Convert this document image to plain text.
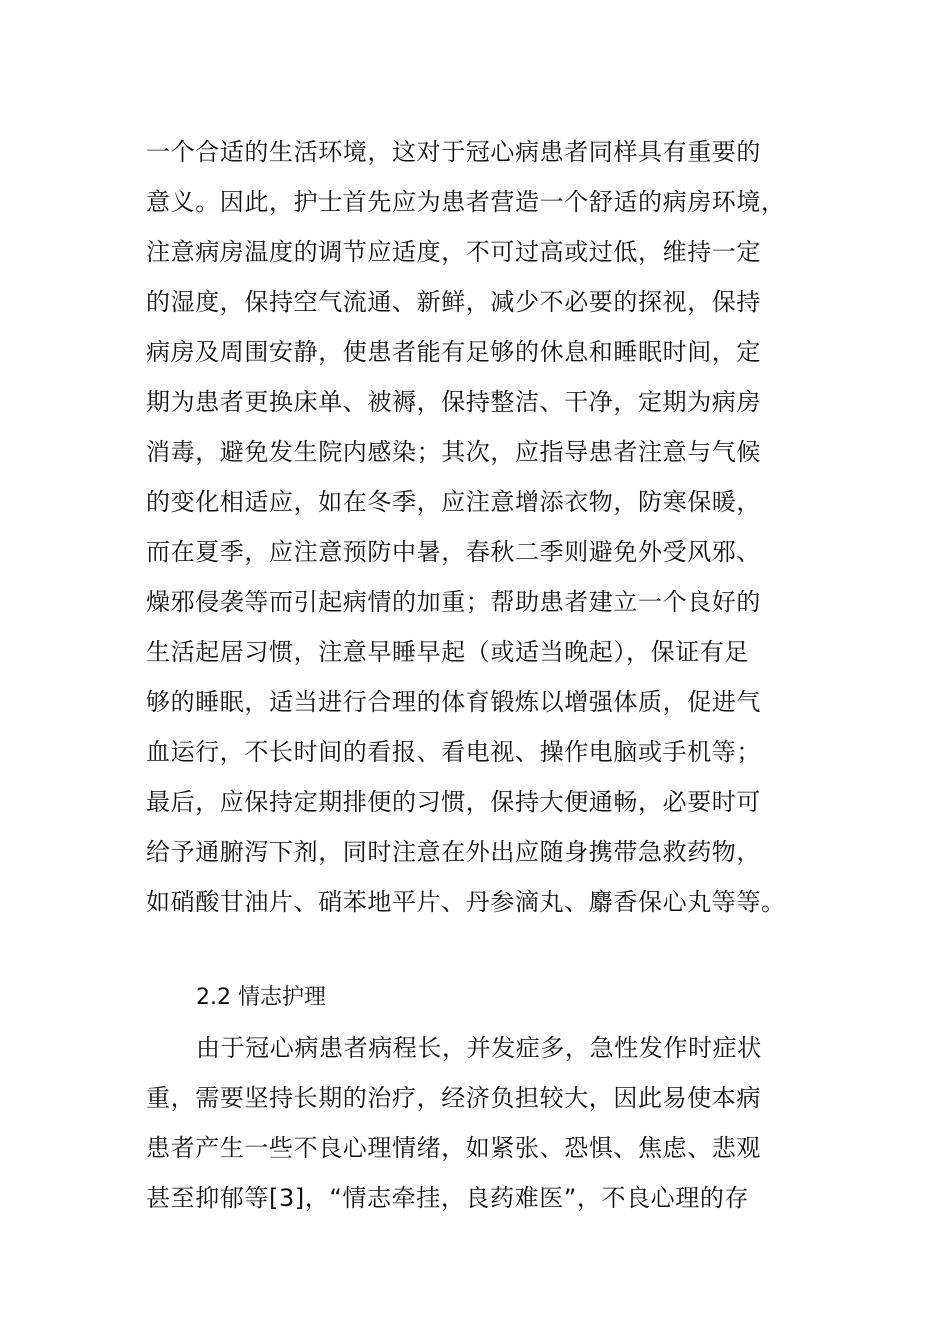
一个合适的生活环境，这对于冠心病患者同样具有重要的
意义。因此，护士首先应为患者营造一个舒适的病房环境，
注意病房温度的调节应适度，不可过高或过低，维持一定
的湿度，保持空气流通、新鲜，减少不必要的探视，保持
病房及周围安静，使患者能有足够的休息和睡眠时间，定
期为患者更换床单、被褥，保持整洁、干净，定期为病房
消毒，避免发生院内感染；其次，应指导患者注意与气候
的变化相适应，如在冬季，应注意增添衣物，防寒保暖，
而在夏季，应注意预防中暑，春秋二季则避免外受风邪、
燥邪侵袭等而引起病情的加重；帮助患者建立一个良好的
生活起居习惯，注意早睡早起（或适当晚起），保证有足
够的睡眠，适当进行合理的体育锻炼以增强体质，促进气
血运行，不长时间的看报、看电视、操作电脑或手机等；
最后，应保持定期排便的习惯，保持大便通畅，必要时可
给予通腑泻下剂，同时注意在外出应随身携带急救药物，
如硝酸甘油片、硝苯地平片、丹参滴丸、麝香保心丸等等。
2.2 情志护理
由于冠心病患者病程长，并发症多，急性发作时症状
重，需要坚持长期的治疗，经济负担较大，因此易使本病
患者产生一些不良心理情绪，如紧张、恐惧、焦虑、悲观
甚至抑郁等[3]，“情志牵挂，良药难医”，不良心理的存
